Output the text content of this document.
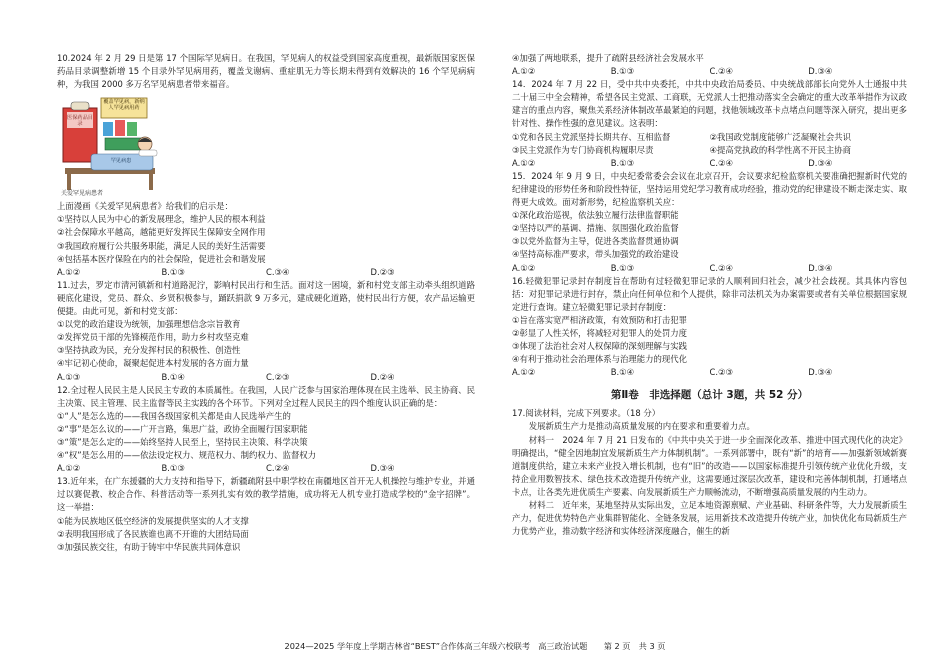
10.2024 年 2 月 29 日是第 17 个国际罕见病日。在我国，罕见病人的权益受到国家高度重视，最新版国家医保药品目录调整新增 15 个目录外罕见病用药，覆盖戈谢病、重症肌无力等长期未得到有效解决的 16 个罕见病病种，为我国 2000 多万名罕见病患者带来福音。

覆盖罕见病，新纳人罕见病用药
医保药品目录
罕见病患
关爱罕见病患者

上面漫画《关爱罕见病患者》给我们的启示是：

①坚持以人民为中心的新发展理念，维护人民的根本利益

②社会保障水平越高，越能更好发挥民生保障安全网作用

③我国政府履行公共服务职能，满足人民的美好生活需要

④包括基本医疗保险在内的社会保险，促进社会和谐发展

A.①②	B.①③	C.③④	D.②③

11.过去，罗定市清河镇新和村道路泥泞，影响村民出行和生活。面对这一困境，新和村党支部主动牵头组织道路硬底化建设，党员、群众、乡贤积极参与，踊跃捐款 9 万多元，建成硬化道路，使村民出行方便，农产品运输更便捷。由此可见，新和村党支部：

①以党的政治建设为统领，加强理想信念宗旨教育

②发挥党员干部的先锋模范作用，助力乡村攻坚克难

③坚持执政为民，充分发挥村民的积极性、创造性

④牢记初心使命，凝聚起促进本村发展的各方面力量

A.①③	B.①④	C.②③	D.②④

12.全过程人民民主是人民民主专政的本质属性。在我国，人民广泛参与国家治理体现在民主选举、民主协商、民主决策、民主管理、民主监督等民主实践的各个环节。下列对全过程人民民主的四个维度认识正确的是：

①“人”是怎么选的——我国各级国家机关都是由人民选举产生的

②“事”是怎么议的——广开言路，集思广益，政协全面履行国家职能

③“策”是怎么定的——始终坚持人民至上，坚持民主决策、科学决策

④“权”是怎么用的——依法设定权力、规范权力、制约权力、监督权力

A.①②	B.①③	C.②④	D.③④

13.近年来，在广东援疆的大力支持和指导下，新疆疏附县中职学校在南疆地区首开无人机操控与维护专业，并通过以赛促教、校企合作、科普活动等一系列扎实有效的教学措施，成功将无人机专业打造成学校的“金字招牌”。这一举措：

①能为民族地区低空经济的发展提供坚实的人才支撑

②表明我国形成了各民族谁也离不开谁的大团结局面

③加强民族交往，有助于铸牢中华民族共同体意识

④加强了两地联系，提升了疏附县经济社会发展水平

A.①②	B.①③	C.②④	D.③④

14．2024 年 7 月 22 日，受中共中央委托，中共中央政治局委员、中央统战部部长向党外人士通报中共二十届三中全会精神，希望各民主党派、工商联，无党派人士把推动落实全会确定的重大改革举措作为议政建言的重点内容，聚焦关系经济体制改革最紧迫的问题，找他领域改革卡点堵点问题等深入研究，提出更多针对性、操作性强的意见建议。这表明：

①党和各民主党派坚持长期共存、互相监督	②我国政党制度能够广泛凝聚社会共识
③民主党派作为专门协商机构履职尽责	④提高党执政的科学性离不开民主协商
A.①②	B.①③	C.②④	D.③④

15．2024 年 9 月 9 日，中央纪委常委会会议在北京召开，会议要求纪检监察机关要准确把握新时代党的纪律建设的形势任务和阶段性特征，坚持运用党纪学习教育成功经验，推动党的纪律建设不断走深走实、取得更大成效。面对新形势，纪检监察机关应：

①深化政治巡视，依法独立履行法律监督职能

②坚持以严的基调、措施、氛围强化政治监督

③以党外监督为主导，促进各类监督贯通协调

④坚持高标准严要求，带头加强党的政治建设

A.①②	B.①③	C.②④	D.③④

16.轻微犯罪记录封存制度旨在帮助有过轻微犯罪记录的人顺利回归社会，减少社会歧视。其具体内容包括：对犯罪记录进行封存，禁止向任何单位和个人提供，除非司法机关为办案需要或者有关单位根据国家规定进行查询。建立轻微犯罪记录封存制度：

①旨在落实宽严相济政策，有效预防和打击犯罪

②彰显了人性关怀，将减轻对犯罪人的处罚力度

③体现了法治社会对人权保障的深刻理解与实践

④有利于推动社会治理体系与治理能力的现代化

A.①②	B.①④	C.②③	D.③④
第Ⅱ卷　非选择题（总计 3题，共 52 分）

17.阅读材料，完成下列要求。（18 分）

发展新质生产力是推动高质量发展的内在要求和重要着力点。

材料一　2024 年 7 月 21 日发布的《中共中央关于进一步全面深化改革、推进中国式现代化的决定》明确提出，“健全因地制宜发展新质生产力体制机制”。一系列部署中，既有“新”的培育——加强新领域新赛道制度供给，建立未来产业投入增长机制，也有“旧”的改造——以国家标准提升引领传统产业优化升级，支持企业用数智技术、绿色技术改造提升传统产业，这需要通过深层次改革，建设和完善体制机制，打通堵点卡点，让各类先进优质生产要素、向发展新质生产力顺畅流动，不断增强高质量发展的内生动力。

材料二　近年来，某地坚持从实际出发，立足本地资源禀赋、产业基础、科研条件等，大力发展新质生产力，促进优势特色产业集群智能化、全链条发展，运用新技术改造提升传统产业，加快优化布局新质生产力优势产业，推动数字经济和实体经济深度融合，催生的新

2024—2025 学年度上学期吉林省“BEST”合作体高三年级六校联考　高三政治试题　　第 2 页　共 3 页
